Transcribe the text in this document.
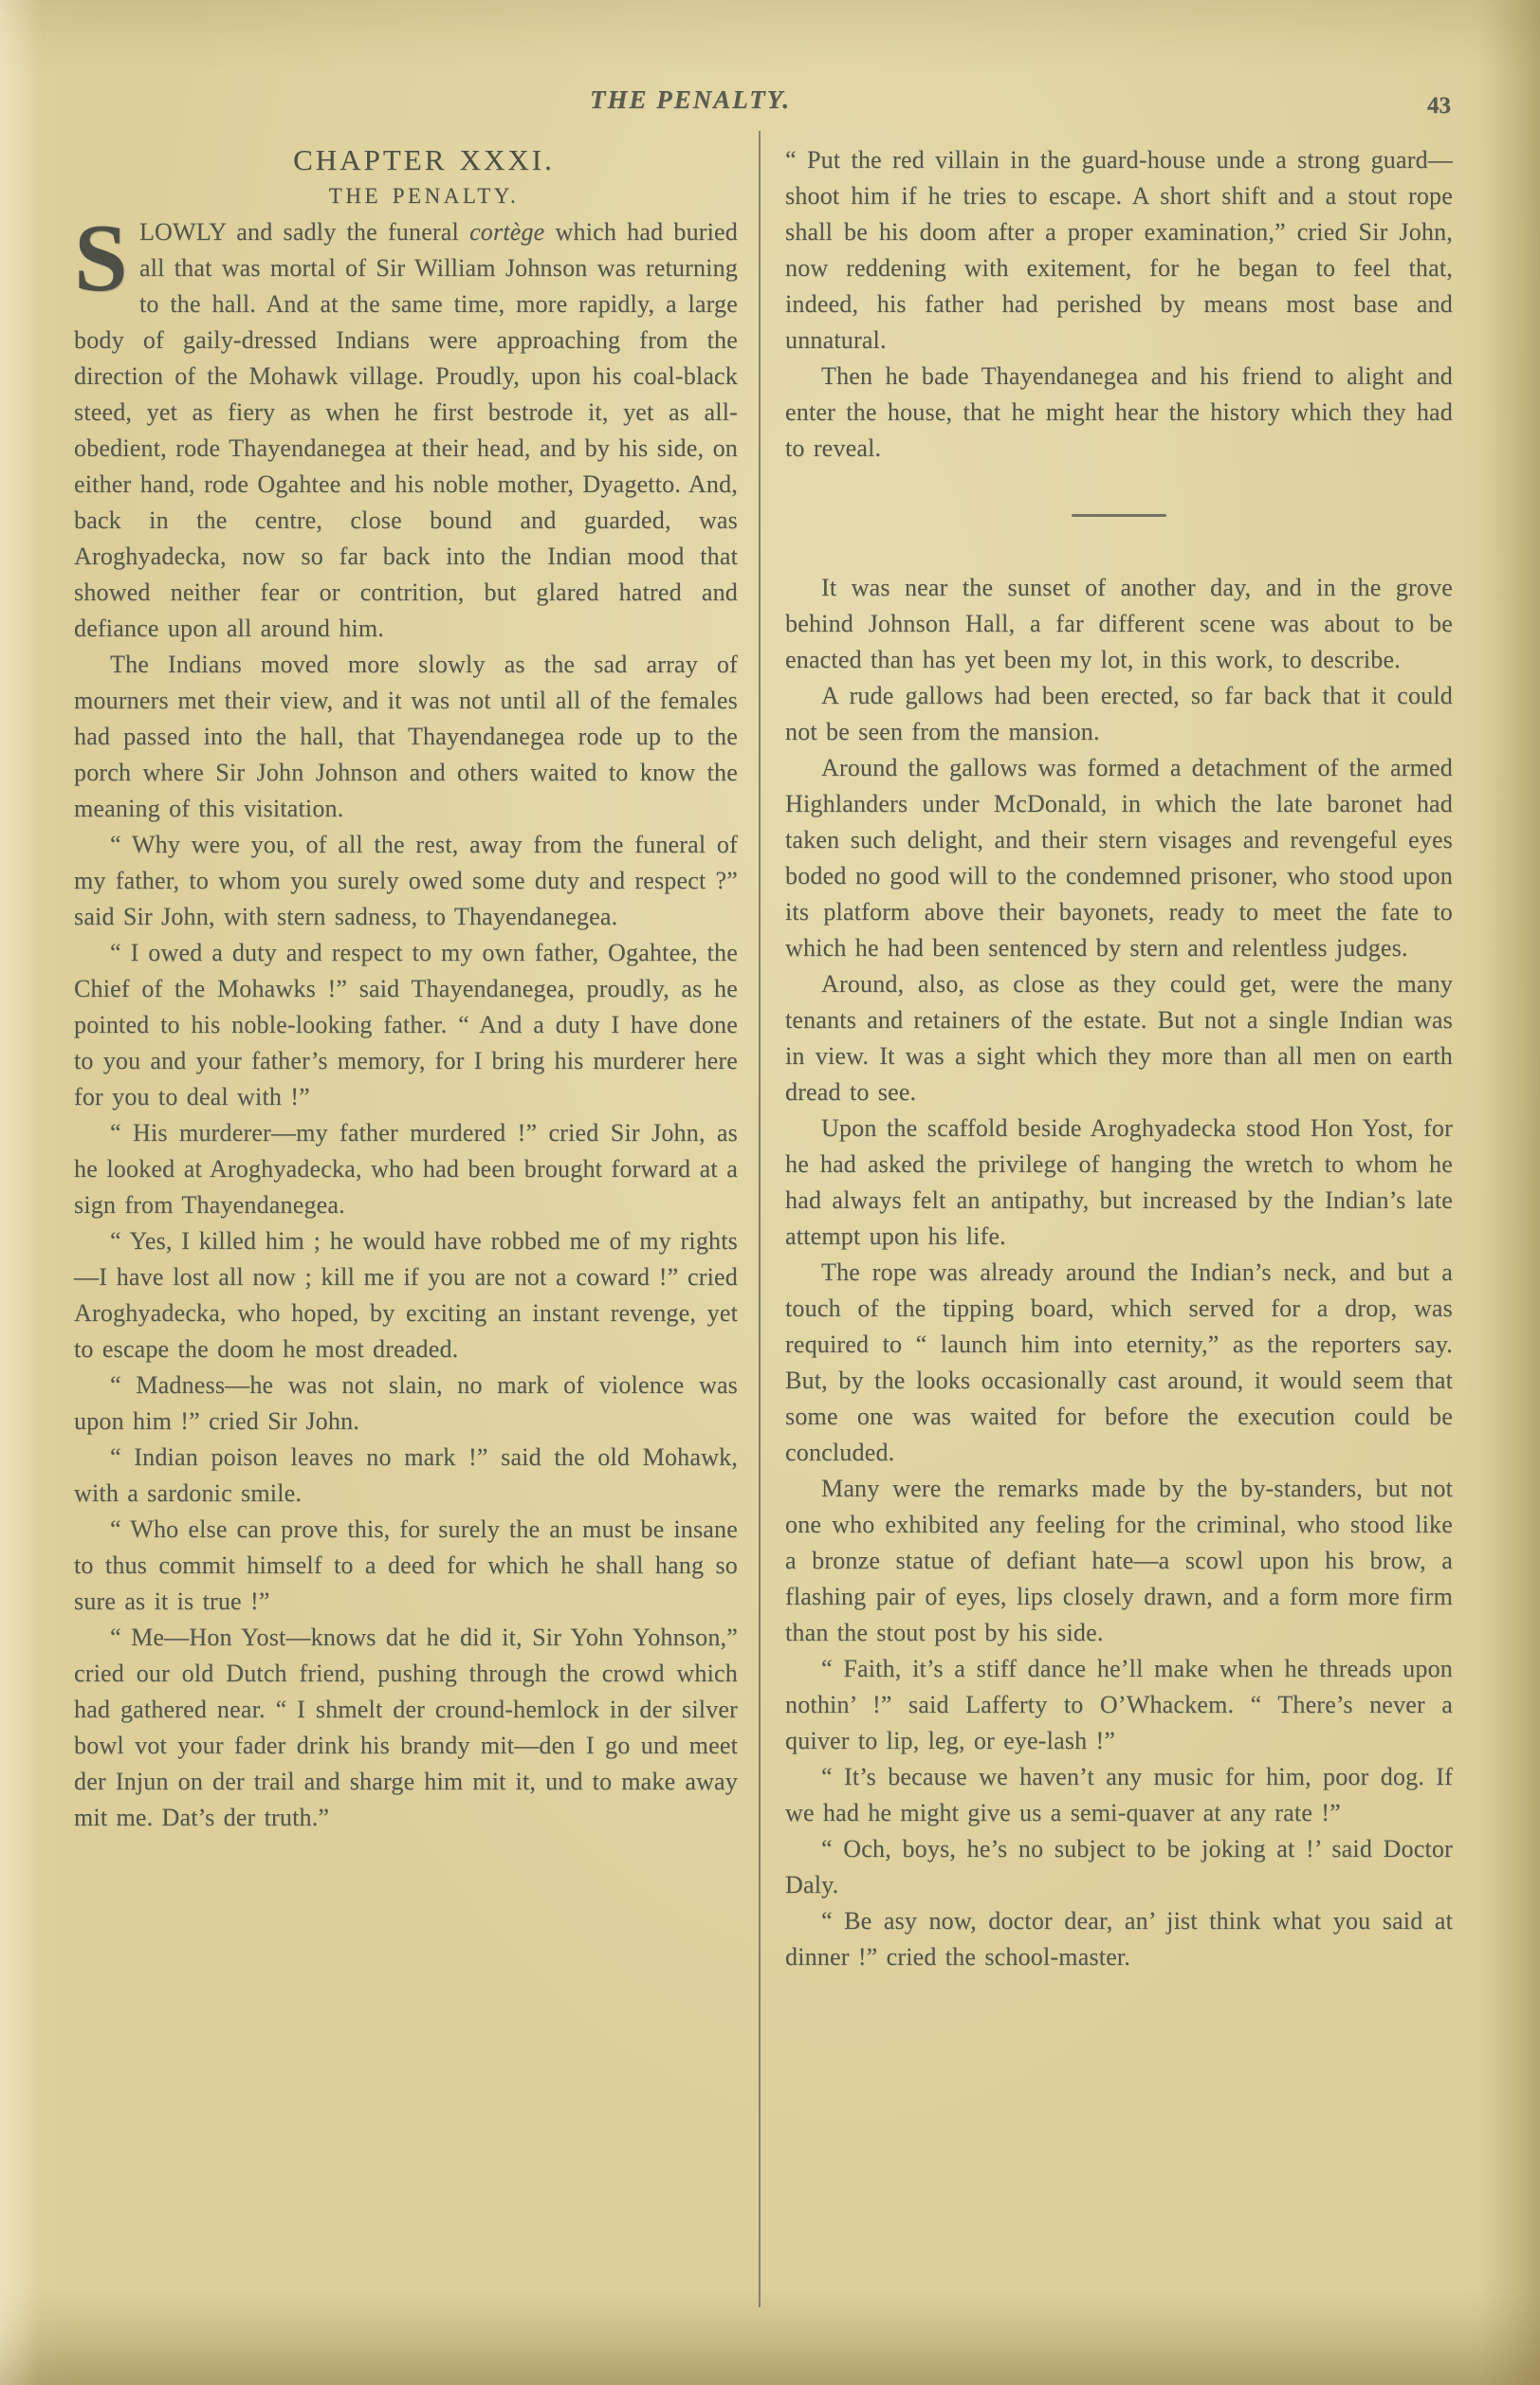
THE PENALTY.	43

CHAPTER XXXI.

THE PENALTY.

SLOWLY and sadly the funeral cortège which had buried all that was mortal of Sir William Johnson was returning to the hall. And at the same time, more rapidly, a large body of gaily-dressed Indians were approaching from the direction of the Mohawk village. Proudly, upon his coal-black steed, yet as fiery as when he first bestrode it, yet as all-obedient, rode Thayendanegea at their head, and by his side, on either hand, rode Ogahtee and his noble mother, Dyagetto. And, back in the centre, close bound and guarded, was Aroghyadecka, now so far back into the Indian mood that showed neither fear or contrition, but glared hatred and defiance upon all around him.

The Indians moved more slowly as the sad array of mourners met their view, and it was not until all of the females had passed into the hall, that Thayendanegea rode up to the porch where Sir John Johnson and others waited to know the meaning of this visitation.

“ Why were you, of all the rest, away from the funeral of my father, to whom you surely owed some duty and respect ?” said Sir John, with stern sadness, to Thayendanegea.

“ I owed a duty and respect to my own father, Ogahtee, the Chief of the Mohawks !” said Thayendanegea, proudly, as he pointed to his noble-looking father. “ And a duty I have done to you and your father’s memory, for I bring his murderer here for you to deal with !”

“ His murderer—my father murdered !” cried Sir John, as he looked at Aroghyadecka, who had been brought forward at a sign from Thayendanegea.

“ Yes, I killed him ; he would have robbed me of my rights—I have lost all now ; kill me if you are not a coward !” cried Aroghyadecka, who hoped, by exciting an instant revenge, yet to escape the doom he most dreaded.

“ Madness—he was not slain, no mark of violence was upon him !” cried Sir John.

“ Indian poison leaves no mark !” said the old Mohawk, with a sardonic smile.

“ Who else can prove this, for surely the an must be insane to thus commit himself to a deed for which he shall hang so sure as it is true !”

“ Me—Hon Yost—knows dat he did it, Sir Yohn Yohnson,” cried our old Dutch friend, pushing through the crowd which had gathered near. “ I shmelt der cround-hemlock in der silver bowl vot your fader drink his brandy mit—den I go und meet der Injun on der trail and sharge him mit it, und to make away mit me. Dat’s der truth.”

“ Put the red villain in the guard-house unde a strong guard—shoot him if he tries to escape. A short shift and a stout rope shall be his doom after a proper examination,” cried Sir John, now reddening with exitement, for he began to feel that, indeed, his father had perished by means most base and unnatural.

Then he bade Thayendanegea and his friend to alight and enter the house, that he might hear the history which they had to reveal.

It was near the sunset of another day, and in the grove behind Johnson Hall, a far different scene was about to be enacted than has yet been my lot, in this work, to describe.

A rude gallows had been erected, so far back that it could not be seen from the mansion.

Around the gallows was formed a detachment of the armed Highlanders under McDonald, in which the late baronet had taken such delight, and their stern visages and revengeful eyes boded no good will to the condemned prisoner, who stood upon its platform above their bayonets, ready to meet the fate to which he had been sentenced by stern and relentless judges.

Around, also, as close as they could get, were the many tenants and retainers of the estate. But not a single Indian was in view. It was a sight which they more than all men on earth dread to see.

Upon the scaffold beside Aroghyadecka stood Hon Yost, for he had asked the privilege of hanging the wretch to whom he had always felt an antipathy, but increased by the Indian’s late attempt upon his life.

The rope was already around the Indian’s neck, and but a touch of the tipping board, which served for a drop, was required to “ launch him into eternity,” as the reporters say. But, by the looks occasionally cast around, it would seem that some one was waited for before the execution could be concluded.

Many were the remarks made by the by-standers, but not one who exhibited any feeling for the criminal, who stood like a bronze statue of defiant hate—a scowl upon his brow, a flashing pair of eyes, lips closely drawn, and a form more firm than the stout post by his side.

“ Faith, it’s a stiff dance he’ll make when he threads upon nothin’ !” said Lafferty to O’Whackem. “ There’s never a quiver to lip, leg, or eye-lash !”

“ It’s because we haven’t any music for him, poor dog. If we had he might give us a semi-quaver at any rate !”

“ Och, boys, he’s no subject to be joking at !’ said Doctor Daly.

“ Be asy now, doctor dear, an’ jist think what you said at dinner !” cried the school-master.
